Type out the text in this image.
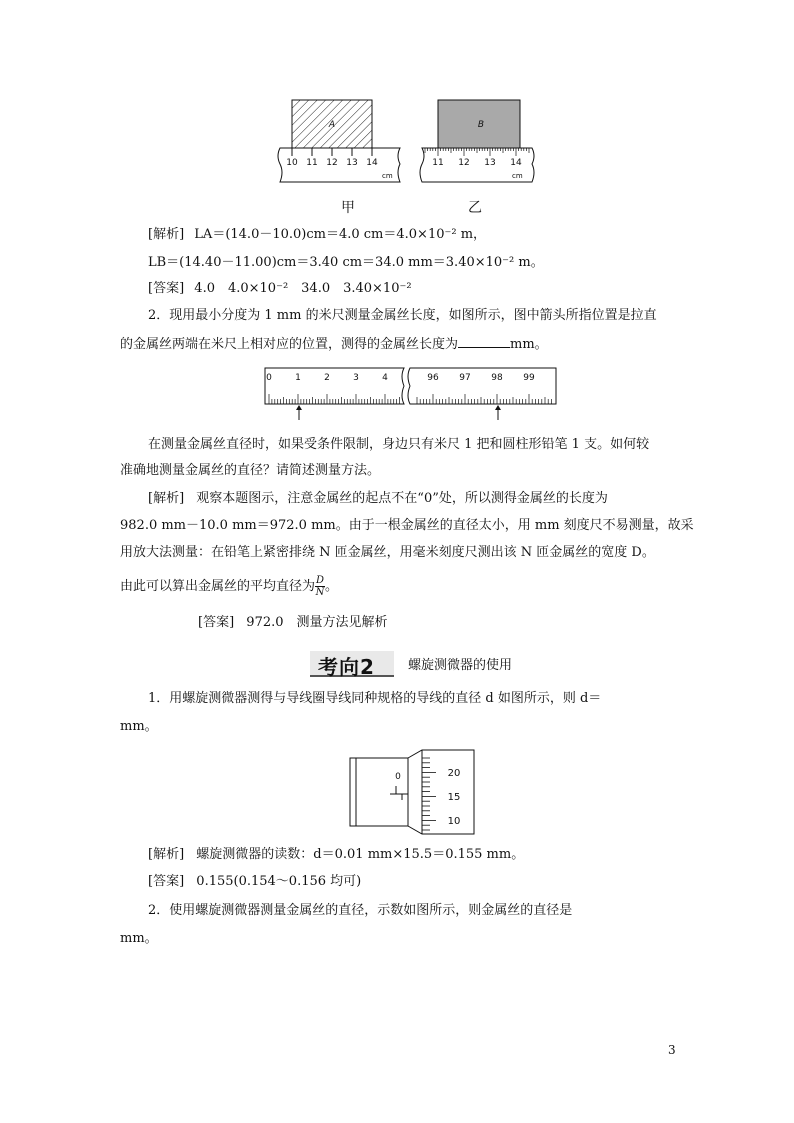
A
10 11 12 13 14
cm
B
11 12 13 14
cm
甲	乙
[解析] LA＝(14.0－10.0)cm＝4.0 cm＝4.0×10⁻² m，
LB＝(14.40－11.00)cm＝3.40 cm＝34.0 mm＝3.40×10⁻² m。
[答案] 4.0　4.0×10⁻²　34.0　3.40×10⁻²
2．现用最小分度为 1 mm 的米尺测量金属丝长度，如图所示，图中箭头所指位置是拉直
的金属丝两端在米尺上相对应的位置，测得的金属丝长度为	mm。
0	1	2	3	4	96 97 98 99
在测量金属丝直径时，如果受条件限制，身边只有米尺 1 把和圆柱形铅笔 1 支。如何较
准确地测量金属丝的直径？请简述测量方法。
[解析] 观察本题图示，注意金属丝的起点不在“0”处，所以测得金属丝的长度为
982.0 mm－10.0 mm＝972.0 mm。由于一根金属丝的直径太小，用 mm 刻度尺不易测量，故采
用放大法测量：在铅笔上紧密排绕 N 匝金属丝，用毫米刻度尺测出该 N 匝金属丝的宽度 D。
由此可以算出金属丝的平均直径为 $\frac{D}{N}$ 。
[答案] 972.0　测量方法见解析
考向2	螺旋测微器的使用
1．用螺旋测微器测得与导线圈导线同种规格的导线的直径 d 如图所示，则 d＝
mm。
0	20
15
10
[解析] 螺旋测微器的读数：d＝0.01 mm×15.5＝0.155 mm。
[答案] 0.155(0.154～0.156 均可)
2．使用螺旋测微器测量金属丝的直径，示数如图所示，则金属丝的直径是
mm。
3
